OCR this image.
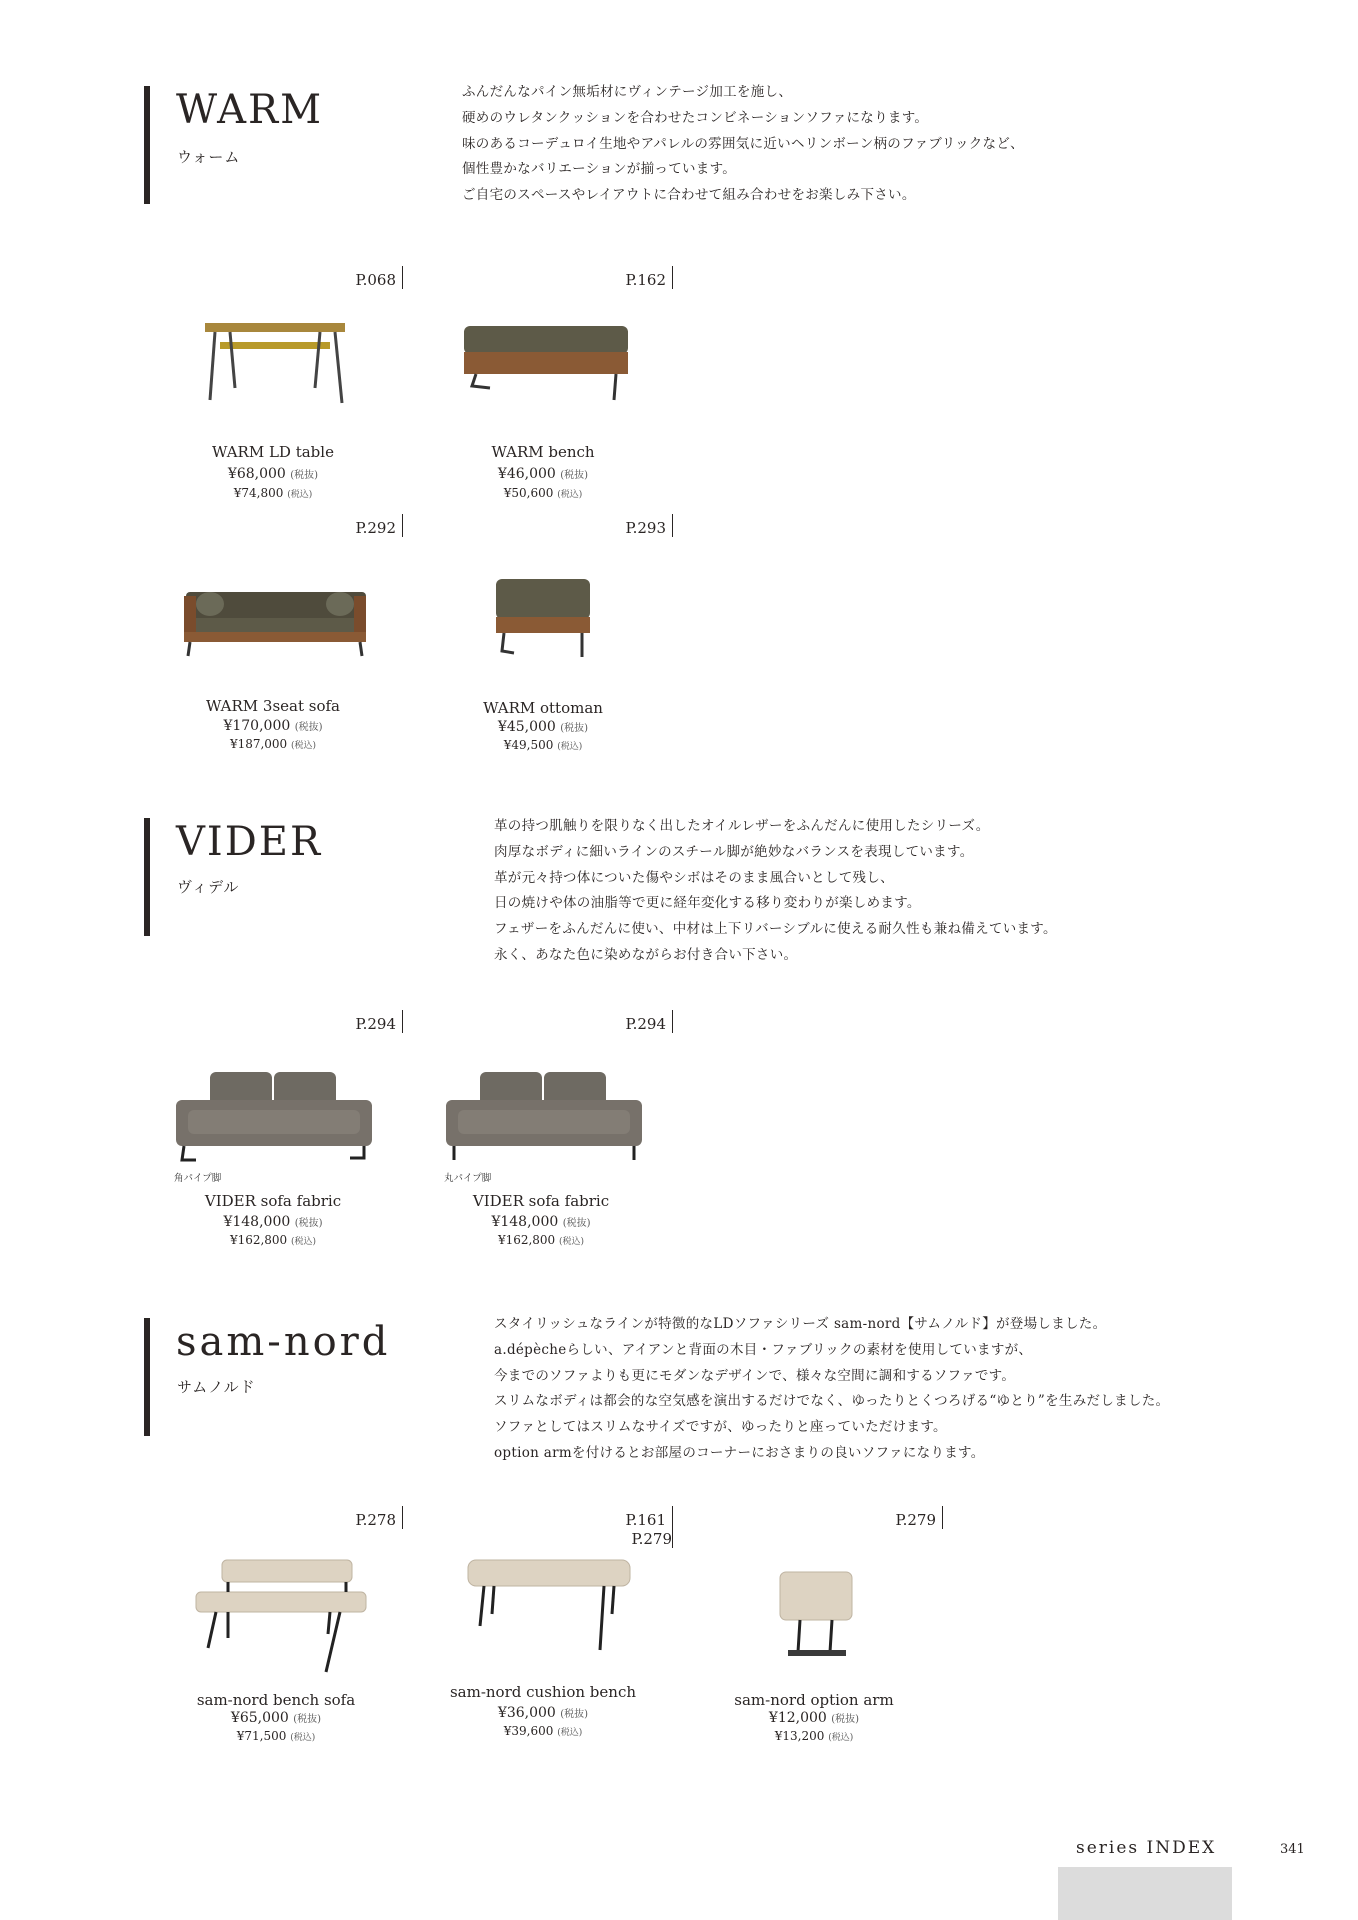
WARM
ウォーム
ふんだんなパイン無垢材にヴィンテージ加工を施し、
硬めのウレタンクッションを合わせたコンビネーションソファになります。
味のあるコーデュロイ生地やアパレルの雰囲気に近いヘリンボーン柄のファブリックなど、
個性豊かなバリエーションが揃っています。
ご自宅のスペースやレイアウトに合わせて組み合わせをお楽しみ下さい。
P.068
WARM LD table
¥68,000 (税抜)
¥74,800 (税込)
P.162
WARM bench
¥46,000 (税抜)
¥50,600 (税込)
P.292
WARM 3seat sofa
¥170,000 (税抜)
¥187,000 (税込)
P.293
WARM ottoman
¥45,000 (税抜)
¥49,500 (税込)
VIDER
ヴィデル
革の持つ肌触りを限りなく出したオイルレザーをふんだんに使用したシリーズ。
肉厚なボディに細いラインのスチール脚が絶妙なバランスを表現しています。
革が元々持つ体についた傷やシボはそのまま風合いとして残し、
日の焼けや体の油脂等で更に経年変化する移り変わりが楽しめます。
フェザーをふんだんに使い、中材は上下リバーシブルに使える耐久性も兼ね備えています。
永く、あなた色に染めながらお付き合い下さい。
P.294
角パイプ脚
VIDER sofa fabric
¥148,000 (税抜)
¥162,800 (税込)
P.294
丸パイプ脚
VIDER sofa fabric
¥148,000 (税抜)
¥162,800 (税込)
sam-nord
サムノルド
スタイリッシュなラインが特徴的なLDソファシリーズ sam-nord【サムノルド】が登場しました。
a.dépècheらしい、アイアンと背面の木目・ファブリックの素材を使用していますが、
今までのソファよりも更にモダンなデザインで、様々な空間に調和するソファです。
スリムなボディは都会的な空気感を演出するだけでなく、ゆったりとくつろげる“ゆとり”を生みだしました。
ソファとしてはスリムなサイズですが、ゆったりと座っていただけます。
option armを付けるとお部屋のコーナーにおさまりの良いソファになります。
P.278
sam-nord bench sofa
¥65,000 (税抜)
¥71,500 (税込)
P.161
P.279
sam-nord cushion bench
¥36,000 (税抜)
¥39,600 (税込)
P.279
sam-nord option arm
¥12,000 (税抜)
¥13,200 (税込)
series INDEX	341
